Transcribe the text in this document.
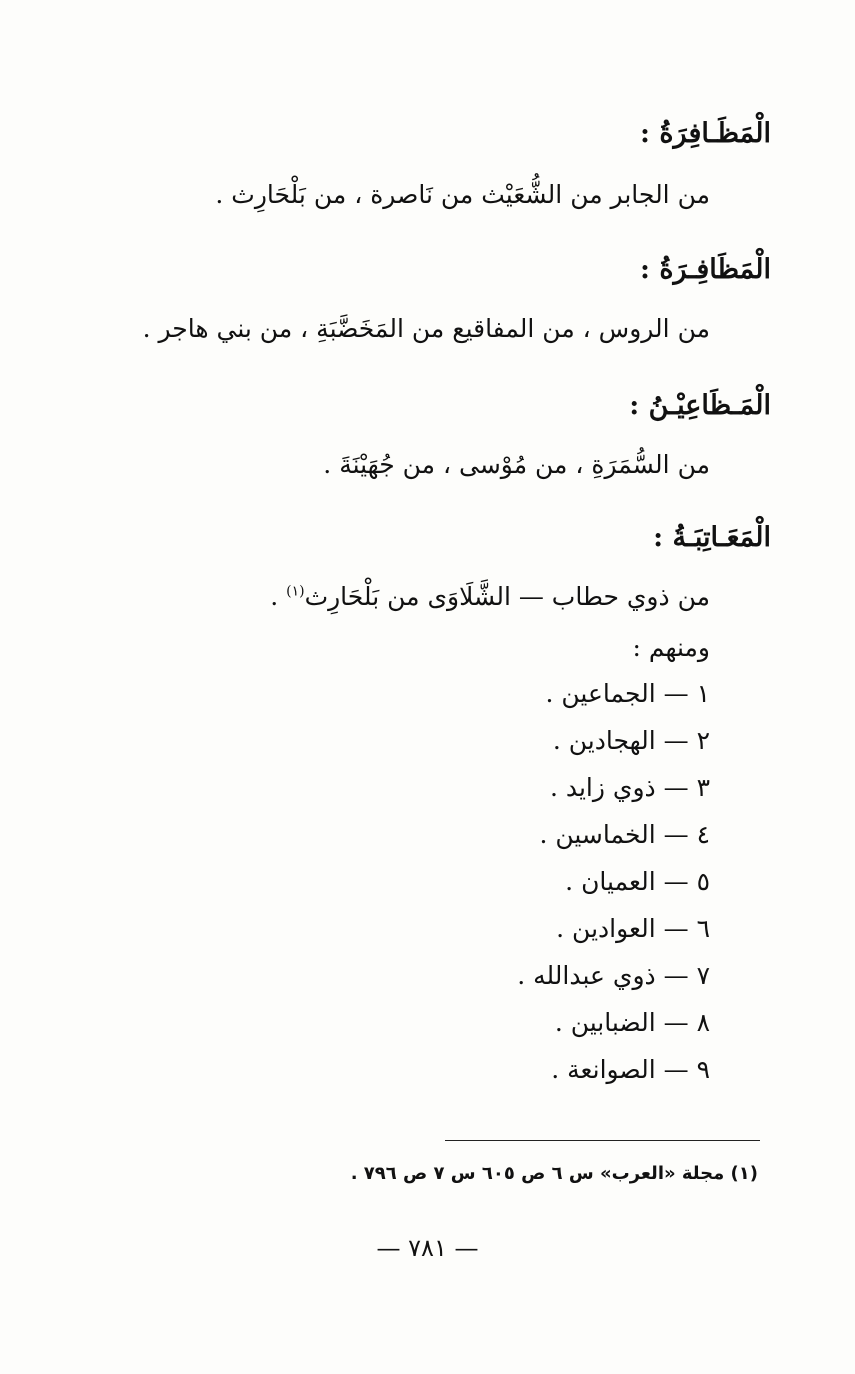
الْمَظَـافِرَةُ :
من الجابر من الشُّعَيْث من نَاصرة ، من بَلْحَارِث .
الْمَظَافِـرَةُ :
من الروس ، من المفاقيع من المَخَضَّبَةِ ، من بني هاجر .
الْمَـظَاعِيْـنُ :
من السُّمَرَةِ ، من مُوْسى ، من جُهَيْنَةَ .
الْمَعَـاتِبَـةُ :
من ذوي حطاب — الشَّلَاوَى من بَلْحَارِث$^{(١)}$ .
ومنهم :
١ — الجماعين .
٢ — الهجادين .
٣ — ذوي زايد .
٤ — الخماسين .
٥ — العميان .
٦ — العوادين .
٧ — ذوي عبدالله .
٨ — الضبابين .
٩ — الصوانعة .
(١) مجلة «العرب» س ٦ ص ٦٠٥ س ٧ ص ٧٩٦ .
— ٧٨١ —
